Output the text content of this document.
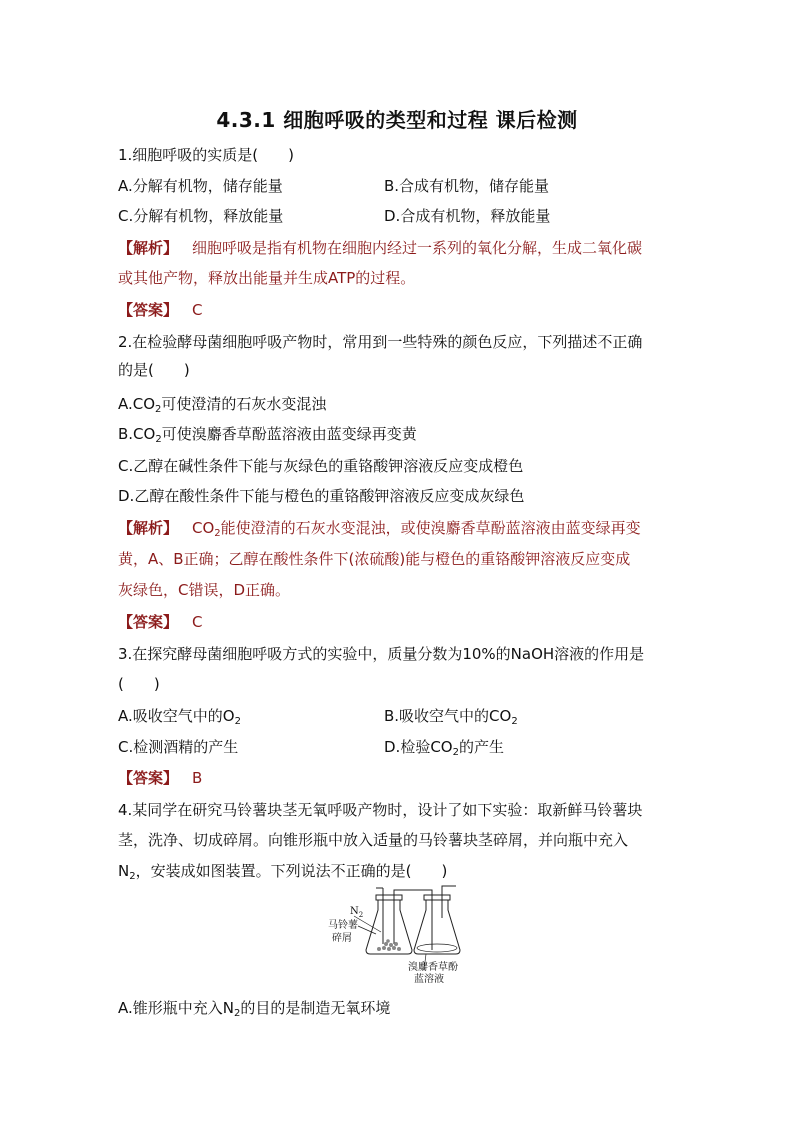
4.3.1 细胞呼吸的类型和过程 课后检测
1.细胞呼吸的实质是(　　)
A.分解有机物，储存能量	B.合成有机物，储存能量
C.分解有机物，释放能量	D.合成有机物，释放能量
【解析】 细胞呼吸是指有机物在细胞内经过一系列的氧化分解，生成二氧化碳
或其他产物，释放出能量并生成ATP的过程。
【答案】 C
2.在检验酵母菌细胞呼吸产物时，常用到一些特殊的颜色反应，下列描述不正确
的是(　　)
$A.CO_2$可使澄清的石灰水变混浊
$B.CO_2$可使溴麝香草酚蓝溶液由蓝变绿再变黄
C.乙醇在碱性条件下能与灰绿色的重铬酸钾溶液反应变成橙色
D.乙醇在酸性条件下能与橙色的重铬酸钾溶液反应变成灰绿色
【解析】 $CO_2$能使澄清的石灰水变混浊，或使溴麝香草酚蓝溶液由蓝变绿再变
黄，A、B正确；乙醇在酸性条件下(浓硫酸)能与橙色的重铬酸钾溶液反应变成
灰绿色，C错误，D正确。
【答案】 C
3.在探究酵母菌细胞呼吸方式的实验中，质量分数为10%的NaOH溶液的作用是
(　　)
A.吸收空气中的$O_2$	B.吸收空气中的$CO_2$
C.检测酒精的产生	D.检验$CO_2$的产生
【答案】 B
4.某同学在研究马铃薯块茎无氧呼吸产物时，设计了如下实验：取新鲜马铃薯块
茎，洗净、切成碎屑。向锥形瓶中放入适量的马铃薯块茎碎屑，并向瓶中充入
$N_2$，安装成如图装置。下列说法不正确的是(　　)
$N_2$
马铃薯
碎屑
溴麝香草酚
蓝溶液
A.锥形瓶中充入$N_2$的目的是制造无氧环境
